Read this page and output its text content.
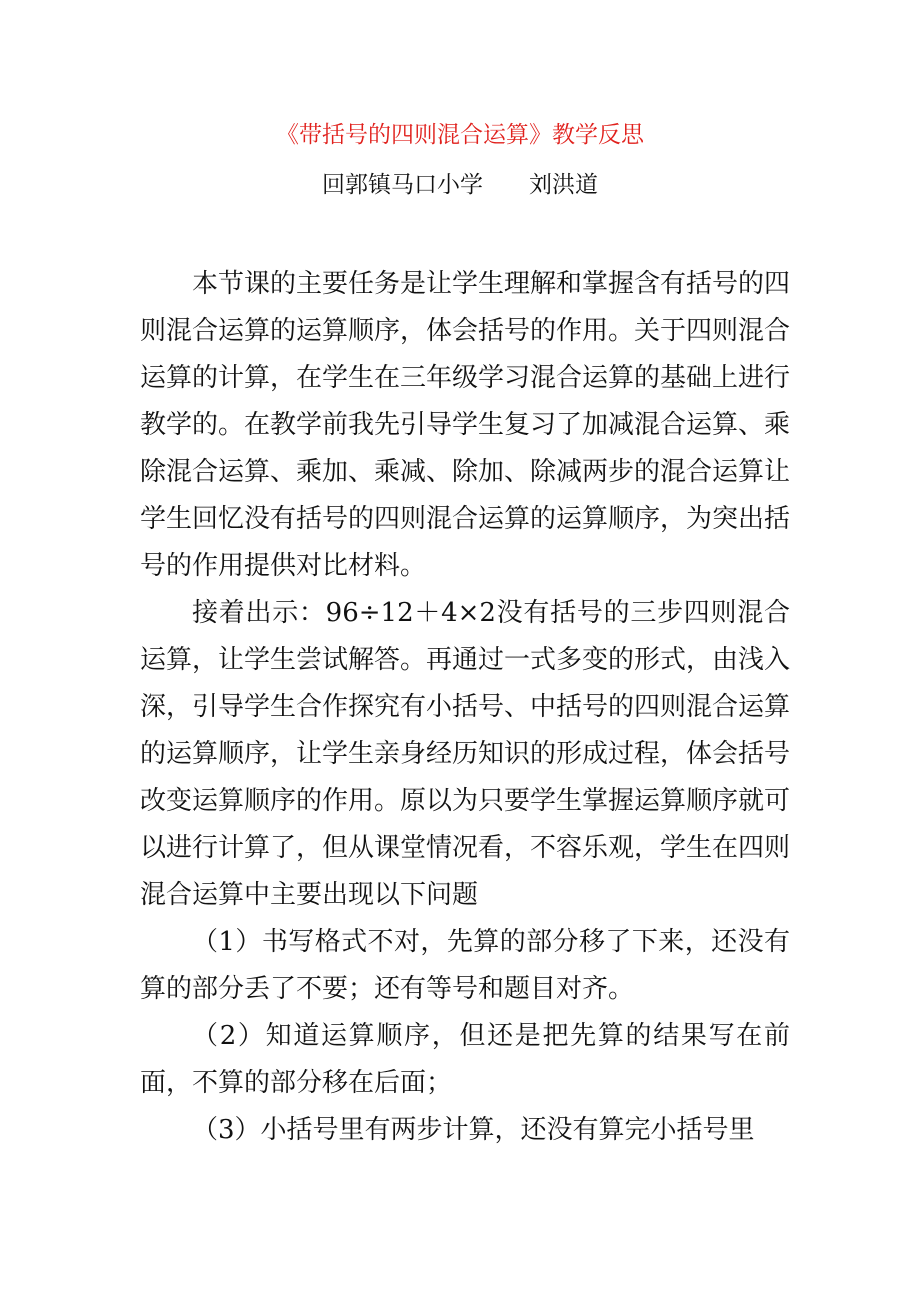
《带括号的四则混合运算》教学反思
回郭镇马口小学 刘洪道

本节课的主要任务是让学生理解和掌握含有括号的四则混合运算的运算顺序，体会括号的作用。关于四则混合运算的计算，在学生在三年级学习混合运算的基础上进行教学的。在教学前我先引导学生复习了加减混合运算、乘除混合运算、乘加、乘减、除加、除减两步的混合运算让学生回忆没有括号的四则混合运算的运算顺序，为突出括号的作用提供对比材料。

接着出示：96÷12＋4×2没有括号的三步四则混合运算，让学生尝试解答。再通过一式多变的形式，由浅入深，引导学生合作探究有小括号、中括号的四则混合运算的运算顺序，让学生亲身经历知识的形成过程，体会括号改变运算顺序的作用。原以为只要学生掌握运算顺序就可以进行计算了，但从课堂情况看，不容乐观，学生在四则混合运算中主要出现以下问题

（1）书写格式不对，先算的部分移了下来，还没有算的部分丢了不要；还有等号和题目对齐。

（2）知道运算顺序，但还是把先算的结果写在前面，不算的部分移在后面；

（3）小括号里有两步计算，还没有算完小括号里
